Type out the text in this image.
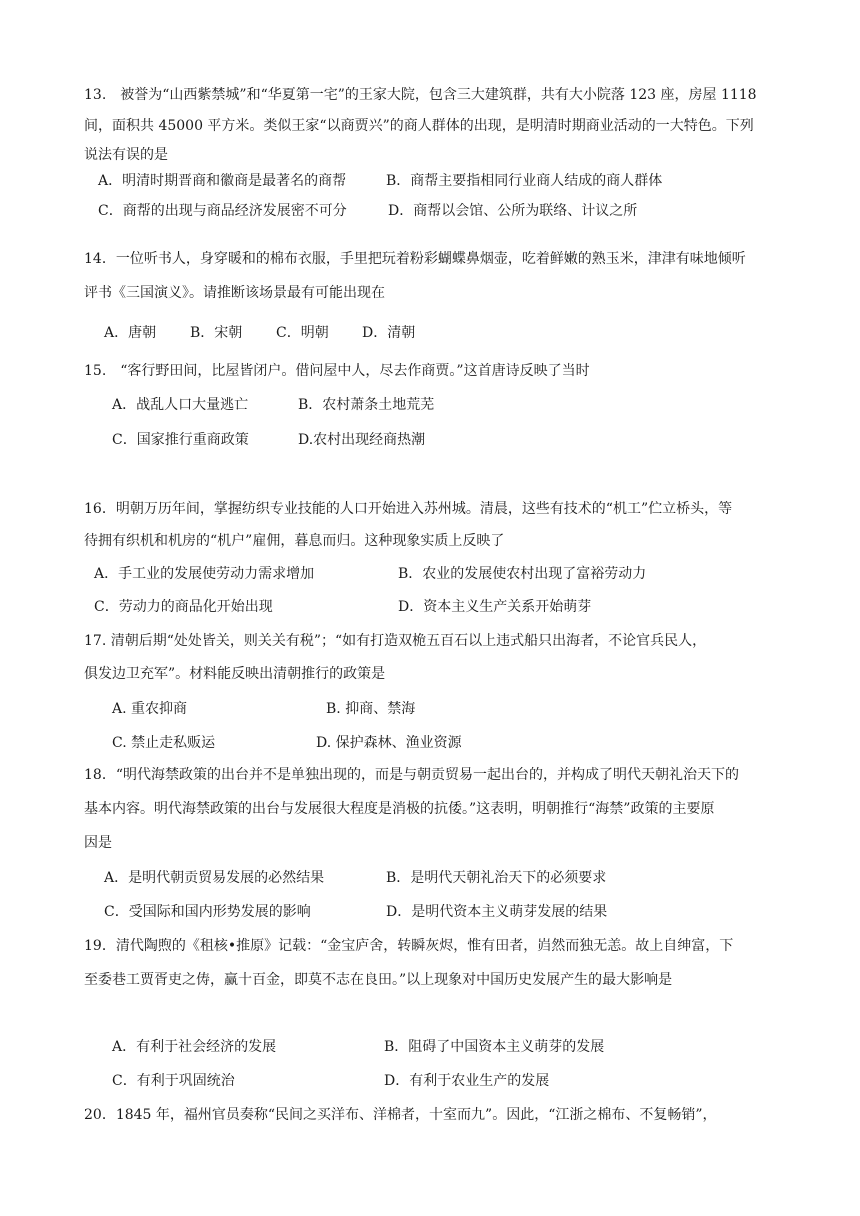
13.　被誉为“山西紫禁城”和“华夏第一宅”的王家大院，包含三大建筑群，共有大小院落 123 座，房屋 1118
间，面积共 45000 平方米。类似王家“以商贾兴”的商人群体的出现，是明清时期商业活动的一大特色。下列
说法有误的是
A．明清时期晋商和徽商是最著名的商帮	B．商帮主要指相同行业商人结成的商人群体
C．商帮的出现与商品经济发展密不可分	D．商帮以会馆、公所为联络、计议之所
14．一位听书人，身穿暖和的棉布衣服，手里把玩着粉彩蝴蝶鼻烟壶，吃着鲜嫩的熟玉米，津津有味地倾听
评书《三国演义》。请推断该场景最有可能出现在
A．唐朝 B．宋朝 C．明朝 D．清朝
15.　“客行野田间，比屋皆闭户。借问屋中人，尽去作商贾。”这首唐诗反映了当时
A．战乱人口大量逃亡	B．农村萧条土地荒芜
C．国家推行重商政策	D.农村出现经商热潮
16．明朝万历年间，掌握纺织专业技能的人口开始进入苏州城。清晨，这些有技术的“机工”伫立桥头，等
待拥有织机和机房的“机户”雇佣，暮息而归。这种现象实质上反映了
A．手工业的发展使劳动力需求增加	B．农业的发展使农村出现了富裕劳动力
C．劳动力的商品化开始出现	D．资本主义生产关系开始萌芽
17. 清朝后期“处处皆关，则关关有税”；“如有打造双桅五百石以上违式船只出海者，不论官兵民人，
俱发边卫充军”。材料能反映出清朝推行的政策是
A. 重农抑商	B. 抑商、禁海
C. 禁止走私贩运	D. 保护森林、渔业资源
18．“明代海禁政策的出台并不是单独出现的，而是与朝贡贸易一起出台的，并构成了明代天朝礼治天下的
基本内容。明代海禁政策的出台与发展很大程度是消极的抗倭。”这表明，明朝推行“海禁”政策的主要原
因是
A．是明代朝贡贸易发展的必然结果	B．是明代天朝礼治天下的必须要求
C．受国际和国内形势发展的影响	D．是明代资本主义萌芽发展的结果
19．清代陶煦的《租核•推原》记载：“金宝庐舍，转瞬灰烬，惟有田者，岿然而独无恙。故上自绅富，下
至委巷工贾胥吏之俦，赢十百金，即莫不志在良田。”以上现象对中国历史发展产生的最大影响是
A．有利于社会经济的发展	B．阻碍了中国资本主义萌芽的发展
C．有利于巩固统治	D．有利于农业生产的发展
20．1845 年，福州官员奏称“民间之买洋布、洋棉者，十室而九”。因此，“江浙之棉布、不复畅销”，
